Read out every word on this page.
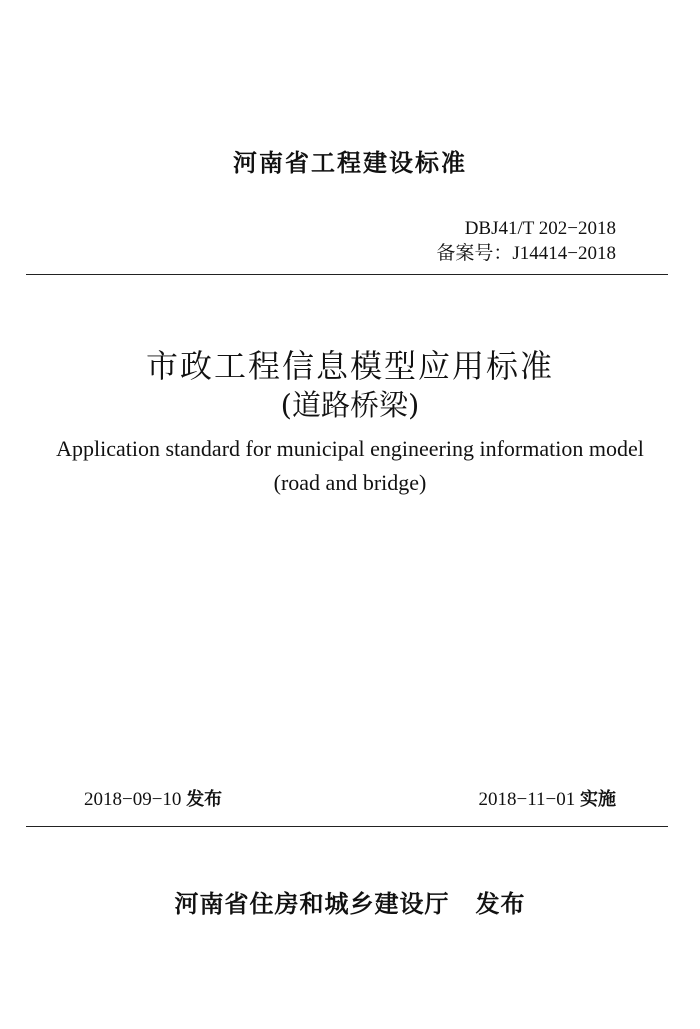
河南省工程建设标准
DBJ41/T 202−2018
备案号：J14414−2018
市政工程信息模型应用标准
(道路桥梁)
Application standard for municipal engineering information model
(road and bridge)
2018−09−10 发布	2018−11−01 实施
河南省住房和城乡建设厅 发布
